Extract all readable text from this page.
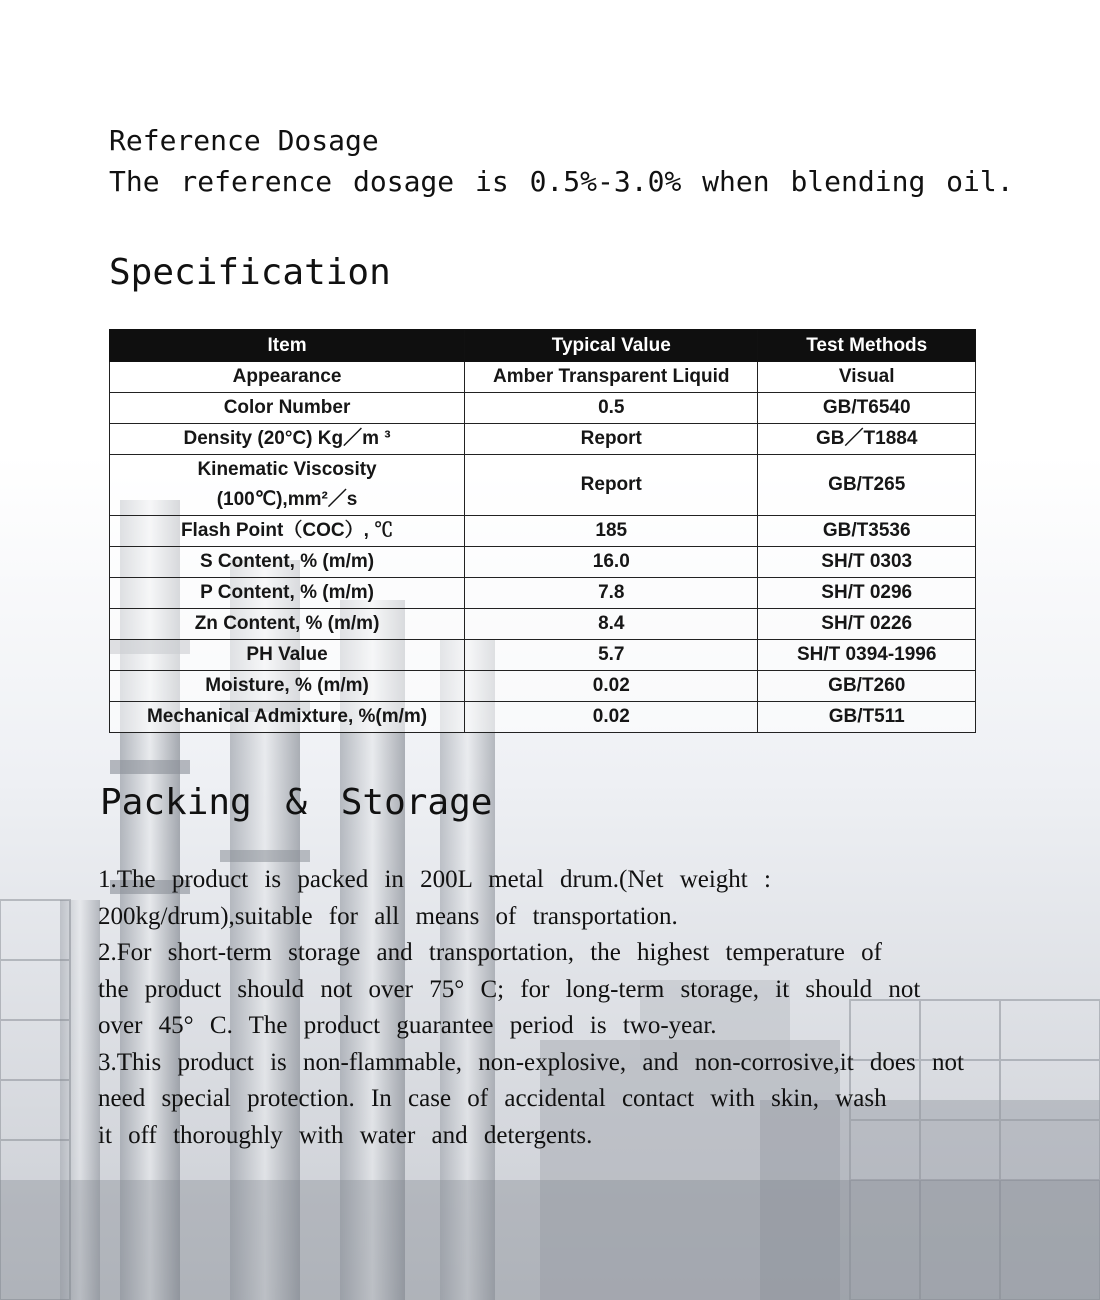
Reference Dosage
The reference dosage is 0.5%-3.0% when blending oil.
Specification
Item	Typical Value	Test Methods
Appearance	Amber Transparent Liquid	Visual
Color Number	0.5	GB/T6540
Density (20°C) Kg／m ³	Report	GB／T1884

Kinematic Viscosity
(100℃),mm²／s	Report	GB/T265
Flash Point（COC）, ℃	185	GB/T3536
S Content, % (m/m)	16.0	SH/T 0303
P Content, % (m/m)	7.8	SH/T 0296
Zn Content, % (m/m)	8.4	SH/T 0226
PH Value	5.7	SH/T 0394-1996
Moisture, % (m/m)	0.02	GB/T260
Mechanical Admixture, %(m/m)	0.02	GB/T511
Packing & Storage

1.The product is packed in 200L metal drum.(Net weight :

200kg/drum),suitable for all means of transportation.

2.For short-term storage and transportation, the highest temperature of

the product should not over 75° C; for long-term storage, it should not

over 45° C. The product guarantee period is two-year.

3.This product is non-flammable, non-explosive, and non-corrosive,it does not

need special protection. In case of accidental contact with skin, wash

it off thoroughly with water and detergents.
